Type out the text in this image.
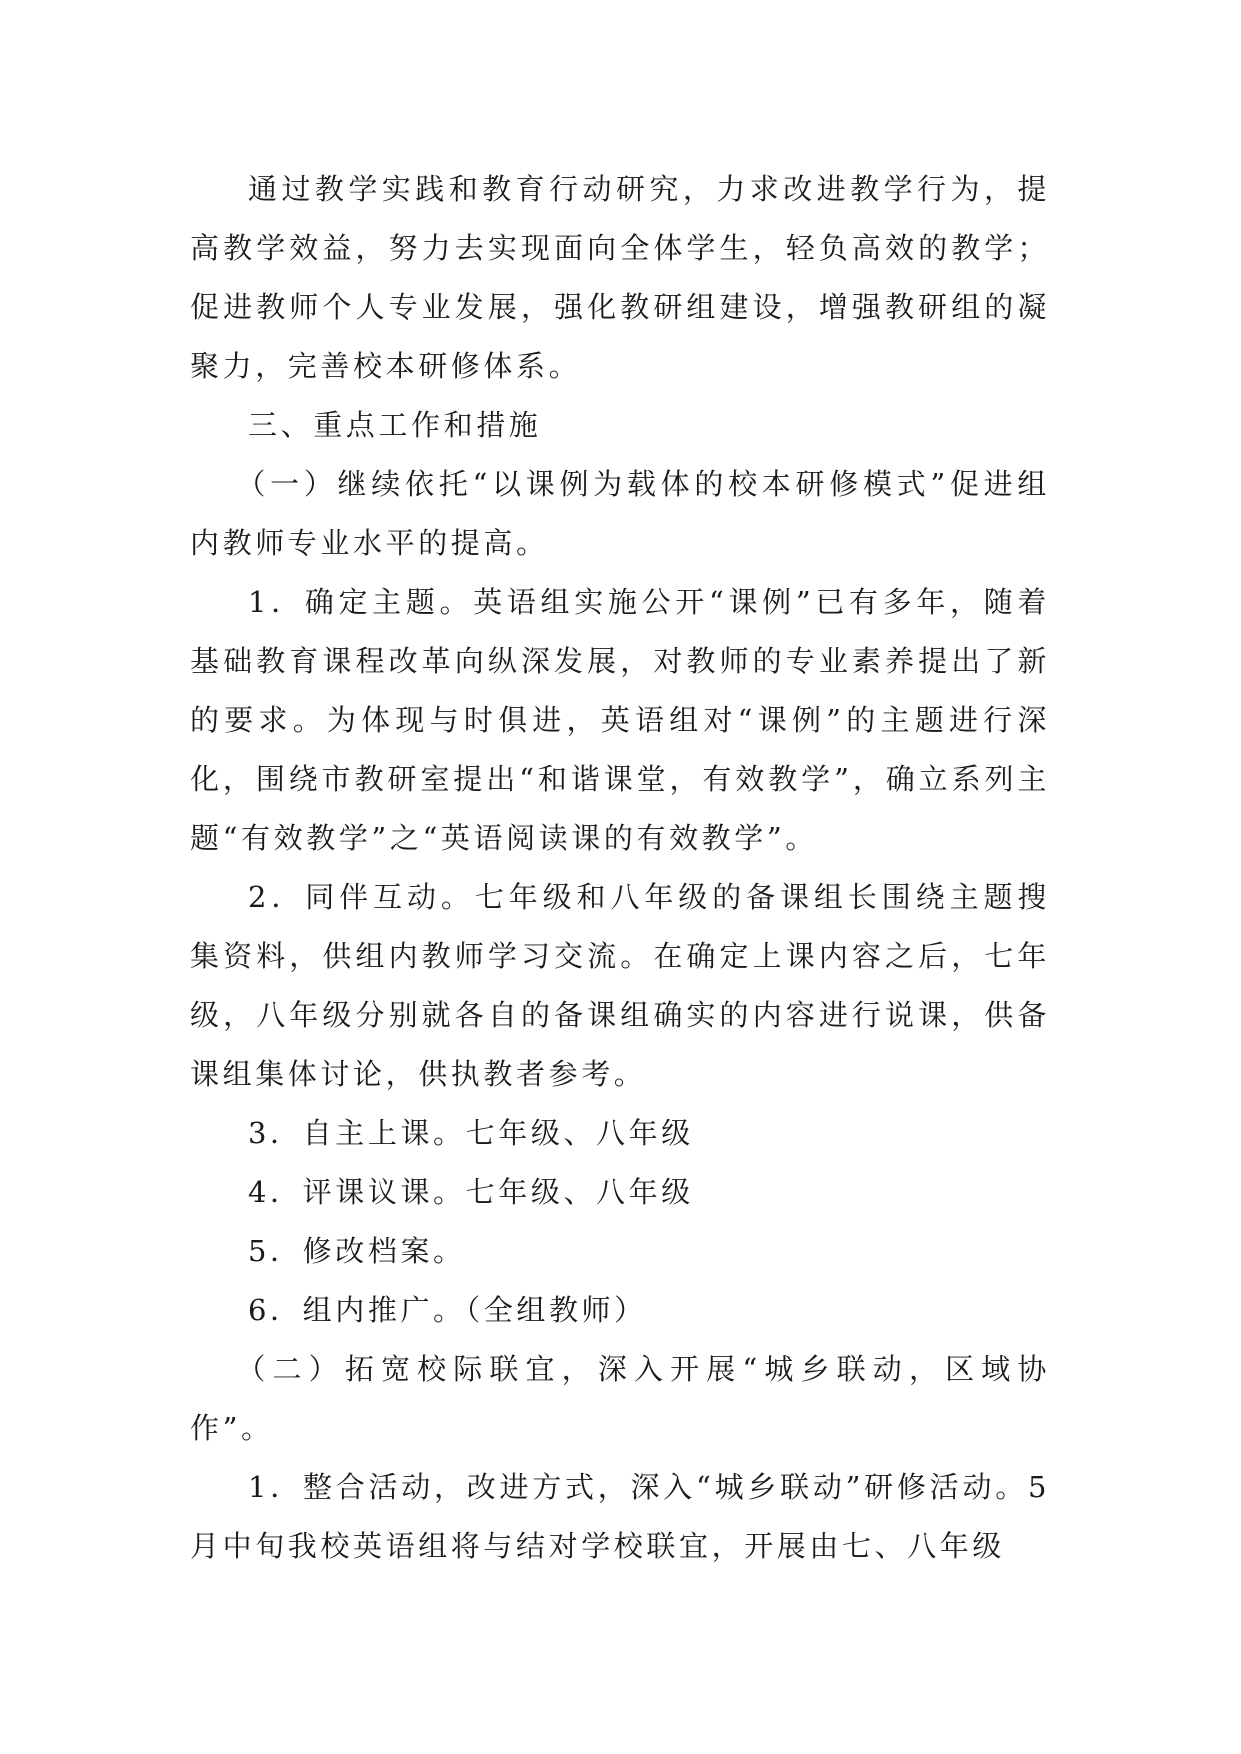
通过教学实践和教育行动研究，力求改进教学行为，提高教学效益，努力去实现面向全体学生，轻负高效的教学；促进教师个人专业发展，强化教研组建设，增强教研组的凝聚力，完善校本研修体系。

三、重点工作和措施

（一）继续依托“以课例为载体的校本研修模式”促进组内教师专业水平的提高。

1．确定主题。英语组实施公开“课例”已有多年，随着基础教育课程改革向纵深发展，对教师的专业素养提出了新的要求。为体现与时俱进，英语组对“课例”的主题进行深化，围绕市教研室提出“和谐课堂，有效教学”，确立系列主题“有效教学”之“英语阅读课的有效教学”。

2．同伴互动。七年级和八年级的备课组长围绕主题搜集资料，供组内教师学习交流。在确定上课内容之后，七年级，八年级分别就各自的备课组确实的内容进行说课，供备课组集体讨论，供执教者参考。

3．自主上课。七年级、八年级

4．评课议课。七年级、八年级

5．修改档案。

6．组内推广。（全组教师）

（二）拓宽校际联宜，深入开展“城乡联动，区域协作”。

1．整合活动，改进方式，深入“城乡联动”研修活动。5月中旬我校英语组将与结对学校联宜，开展由七、八年级
